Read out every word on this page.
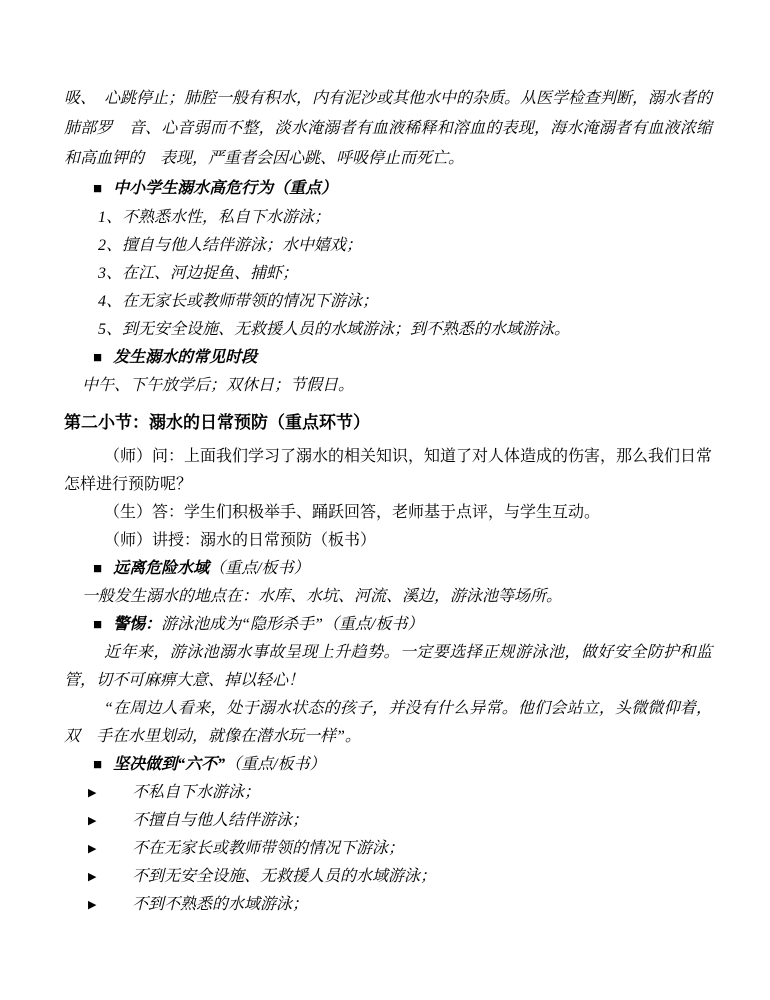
吸、　心跳停止；肺腔一般有积水，内有泥沙或其他水中的杂质。从医学检查判断，溺水者的肺部罗　音、心音弱而不整，淡水淹溺者有血液稀释和溶血的表现，海水淹溺者有血液浓缩和高血钾的　表现，严重者会因心跳、呼吸停止而死亡。

■ 中小学生溺水高危行为（重点）

1、不熟悉水性，私自下水游泳；

2、擅自与他人结伴游泳；水中嬉戏；

3、在江、河边捉鱼、捕虾；

4、在无家长或教师带领的情况下游泳；

5、到无安全设施、无救援人员的水域游泳；到不熟悉的水域游泳。

■ 发生溺水的常见时段

中午、下午放学后；双休日；节假日。

第二小节：溺水的日常预防（重点环节）

（师）问：上面我们学习了溺水的相关知识，知道了对人体造成的伤害，那么我们日常怎样进行预防呢？

（生）答：学生们积极举手、踊跃回答，老师基于点评，与学生互动。

（师）讲授：溺水的日常预防（板书）

■ 远离危险水域（重点/板书）

一般发生溺水的地点在：水库、水坑、河流、溪边，游泳池等场所。

■ 警惕：游泳池成为“隐形杀手”（重点/板书）

近年来，游泳池溺水事故呈现上升趋势。一定要选择正规游泳池，做好安全防护和监管，切不可麻痹大意、掉以轻心！

“在周边人看来，处于溺水状态的孩子，并没有什么异常。他们会站立，头微微仰着，双　手在水里划动，就像在潜水玩一样”。

■ 坚决做到“六不”（重点/板书）

▶ 不私自下水游泳；

▶ 不擅自与他人结伴游泳；

▶ 不在无家长或教师带领的情况下游泳；

▶ 不到无安全设施、无救援人员的水域游泳；

▶ 不到不熟悉的水域游泳；
